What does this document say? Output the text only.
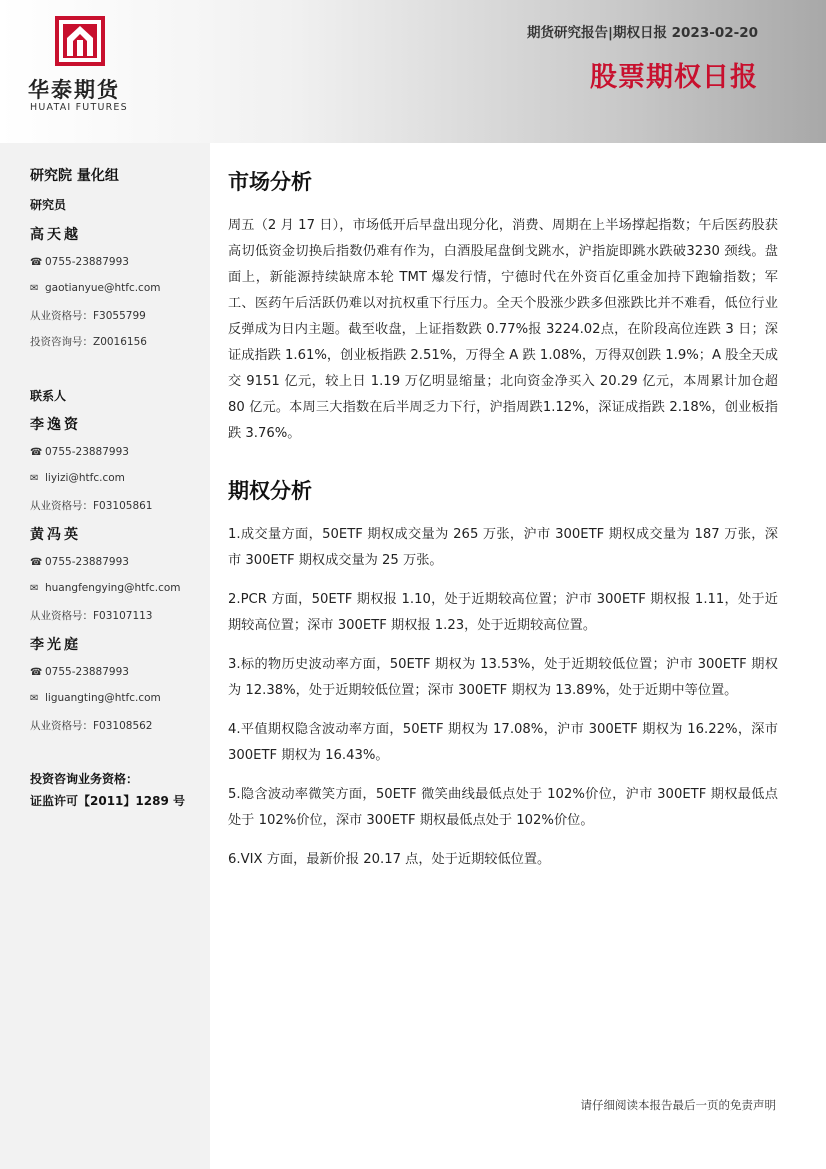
华泰期货
HUATAI FUTURES
期货研究报告|期权日报 2023-02-20
股票期权日报
研究院 量化组
研究员
高天越
☎ 0755-23887993
✉ gaotianyue@htfc.com
从业资格号：F3055799
投资咨询号：Z0016156
联系人
李逸资
☎ 0755-23887993
✉ liyizi@htfc.com
从业资格号：F03105861
黄冯英
☎ 0755-23887993
✉ huangfengying@htfc.com
从业资格号：F03107113
李光庭
☎ 0755-23887993
✉ liguangting@htfc.com
从业资格号：F03108562
投资咨询业务资格：
证监许可【2011】1289 号
市场分析

周五（2 月 17 日），市场低开后早盘出现分化，消费、周期在上半场撑起指数；午后医药股获高切低资金切换后指数仍难有作为，白酒股尾盘倒戈跳水，沪指旋即跳水跌破3230 颈线。盘面上，新能源持续缺席本轮 TMT 爆发行情，宁德时代在外资百亿重金加持下跑输指数；军工、医药午后活跃仍难以对抗权重下行压力。全天个股涨少跌多但涨跌比并不难看，低位行业反弹成为日内主题。截至收盘，上证指数跌 0.77%报 3224.02点，在阶段高位连跌 3 日；深证成指跌 1.61%，创业板指跌 2.51%，万得全 A 跌 1.08%，万得双创跌 1.9%；A 股全天成交 9151 亿元，较上日 1.19 万亿明显缩量；北向资金净买入 20.29 亿元，本周累计加仓超 80 亿元。本周三大指数在后半周乏力下行，沪指周跌1.12%，深证成指跌 2.18%，创业板指跌 3.76%。

期权分析

1.成交量方面，50ETF 期权成交量为 265 万张，沪市 300ETF 期权成交量为 187 万张，深市 300ETF 期权成交量为 25 万张。

2.PCR 方面，50ETF 期权报 1.10，处于近期较高位置；沪市 300ETF 期权报 1.11，处于近期较高位置；深市 300ETF 期权报 1.23，处于近期较高位置。

3.标的物历史波动率方面，50ETF 期权为 13.53%，处于近期较低位置；沪市 300ETF 期权为 12.38%，处于近期较低位置；深市 300ETF 期权为 13.89%，处于近期中等位置。

4.平值期权隐含波动率方面，50ETF 期权为 17.08%，沪市 300ETF 期权为 16.22%，深市300ETF 期权为 16.43%。

5.隐含波动率微笑方面，50ETF 微笑曲线最低点处于 102%价位，沪市 300ETF 期权最低点处于 102%价位，深市 300ETF 期权最低点处于 102%价位。

6.VIX 方面，最新价报 20.17 点，处于近期较低位置。

请仔细阅读本报告最后一页的免责声明
